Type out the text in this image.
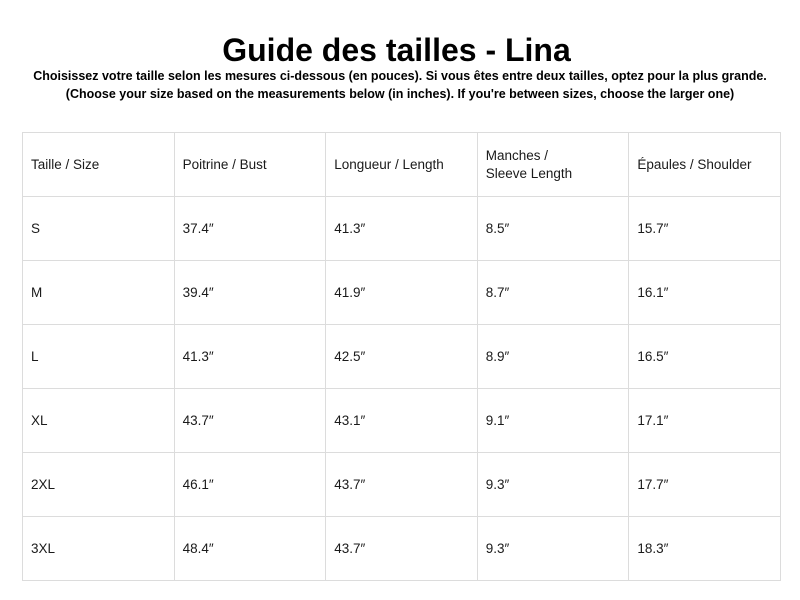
Guide des tailles - Lina
Choisissez votre taille selon les mesures ci-dessous (en pouces). Si vous êtes entre deux tailles, optez pour la plus grande.
(Choose your size based on the measurements below (in inches). If you're between sizes, choose the larger one)
Taille / Size	Poitrine / Bust	Longueur / Length	Manches /
Sleeve Length	Épaules / Shoulder
S	37.4″	41.3″	8.5″	15.7″
M	39.4″	41.9″	8.7″	16.1″
L	41.3″	42.5″	8.9″	16.5″
XL	43.7″	43.1″	9.1″	17.1″
2XL	46.1″	43.7″	9.3″	17.7″
3XL	48.4″	43.7″	9.3″	18.3″
